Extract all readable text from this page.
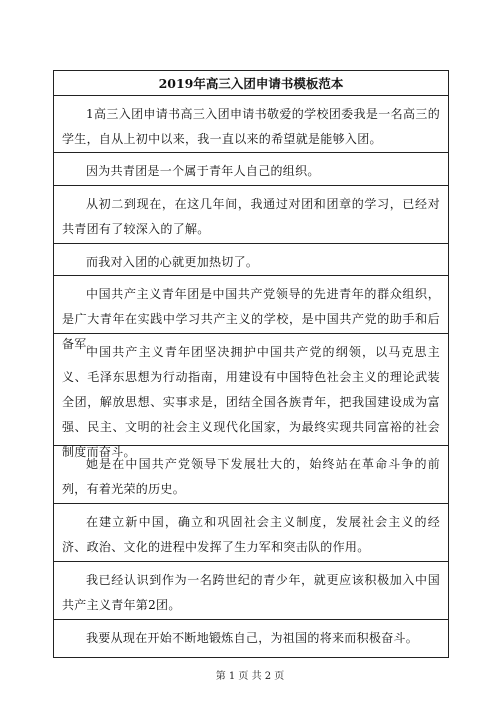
2019年高三入团申请书模板范本
1高三入团申请书高三入团申请书敬爱的学校团委我是一名高三的学生，自从上初中以来，我一直以来的希望就是能够入团。
因为共青团是一个属于青年人自己的组织。
从初二到现在，在这几年间，我通过对团和团章的学习，已经对共青团有了较深入的了解。
而我对入团的心就更加热切了。
中国共产主义青年团是中国共产党领导的先进青年的群众组织，是广大青年在实践中学习共产主义的学校，是中国共产党的助手和后备军。
中国共产主义青年团坚决拥护中国共产党的纲领，以马克思主义、毛泽东思想为行动指南，用建设有中国特色社会主义的理论武装全团，解放思想、实事求是，团结全国各族青年，把我国建设成为富强、民主、文明的社会主义现代化国家，为最终实现共同富裕的社会制度而奋斗。
她是在中国共产党领导下发展壮大的，始终站在革命斗争的前列，有着光荣的历史。
在建立新中国，确立和巩固社会主义制度，发展社会主义的经济、政治、文化的进程中发挥了生力军和突击队的作用。
我已经认识到作为一名跨世纪的青少年，就更应该积极加入中国共产主义青年第2团。
我要从现在开始不断地锻炼自己，为祖国的将来而积极奋斗。
第 1 页 共 2 页
